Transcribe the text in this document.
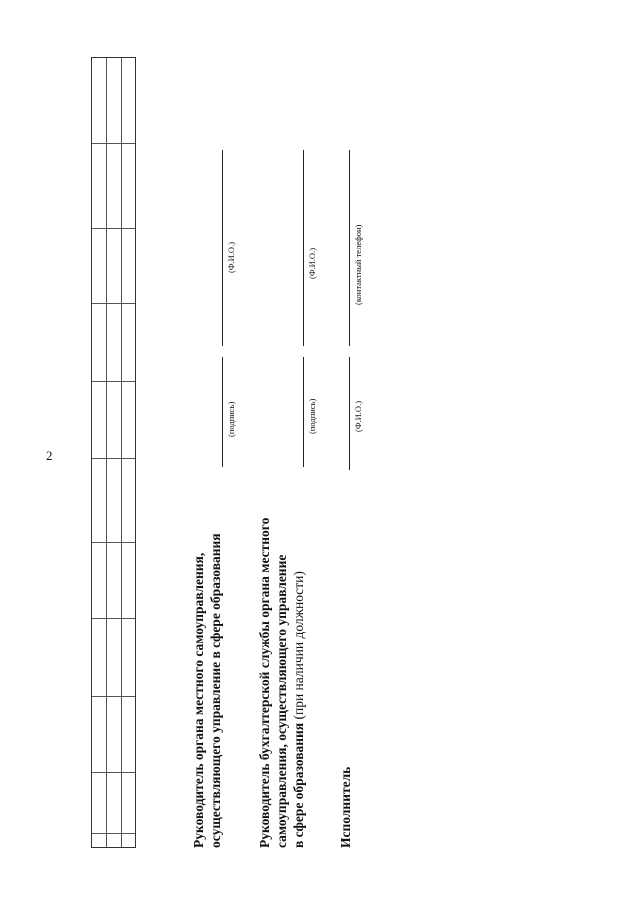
2
Руководитель органа местного самоуправления, осуществляющего управление в сфере образования
(подпись)
(Ф.И.О.)
Руководитель бухгалтерской службы органа местного самоуправления, осуществляющего управление в сфере образования (при наличии должности)
(подпись)
(Ф.И.О.)
Исполнитель
(Ф.И.О.)
(контактный телефон)
